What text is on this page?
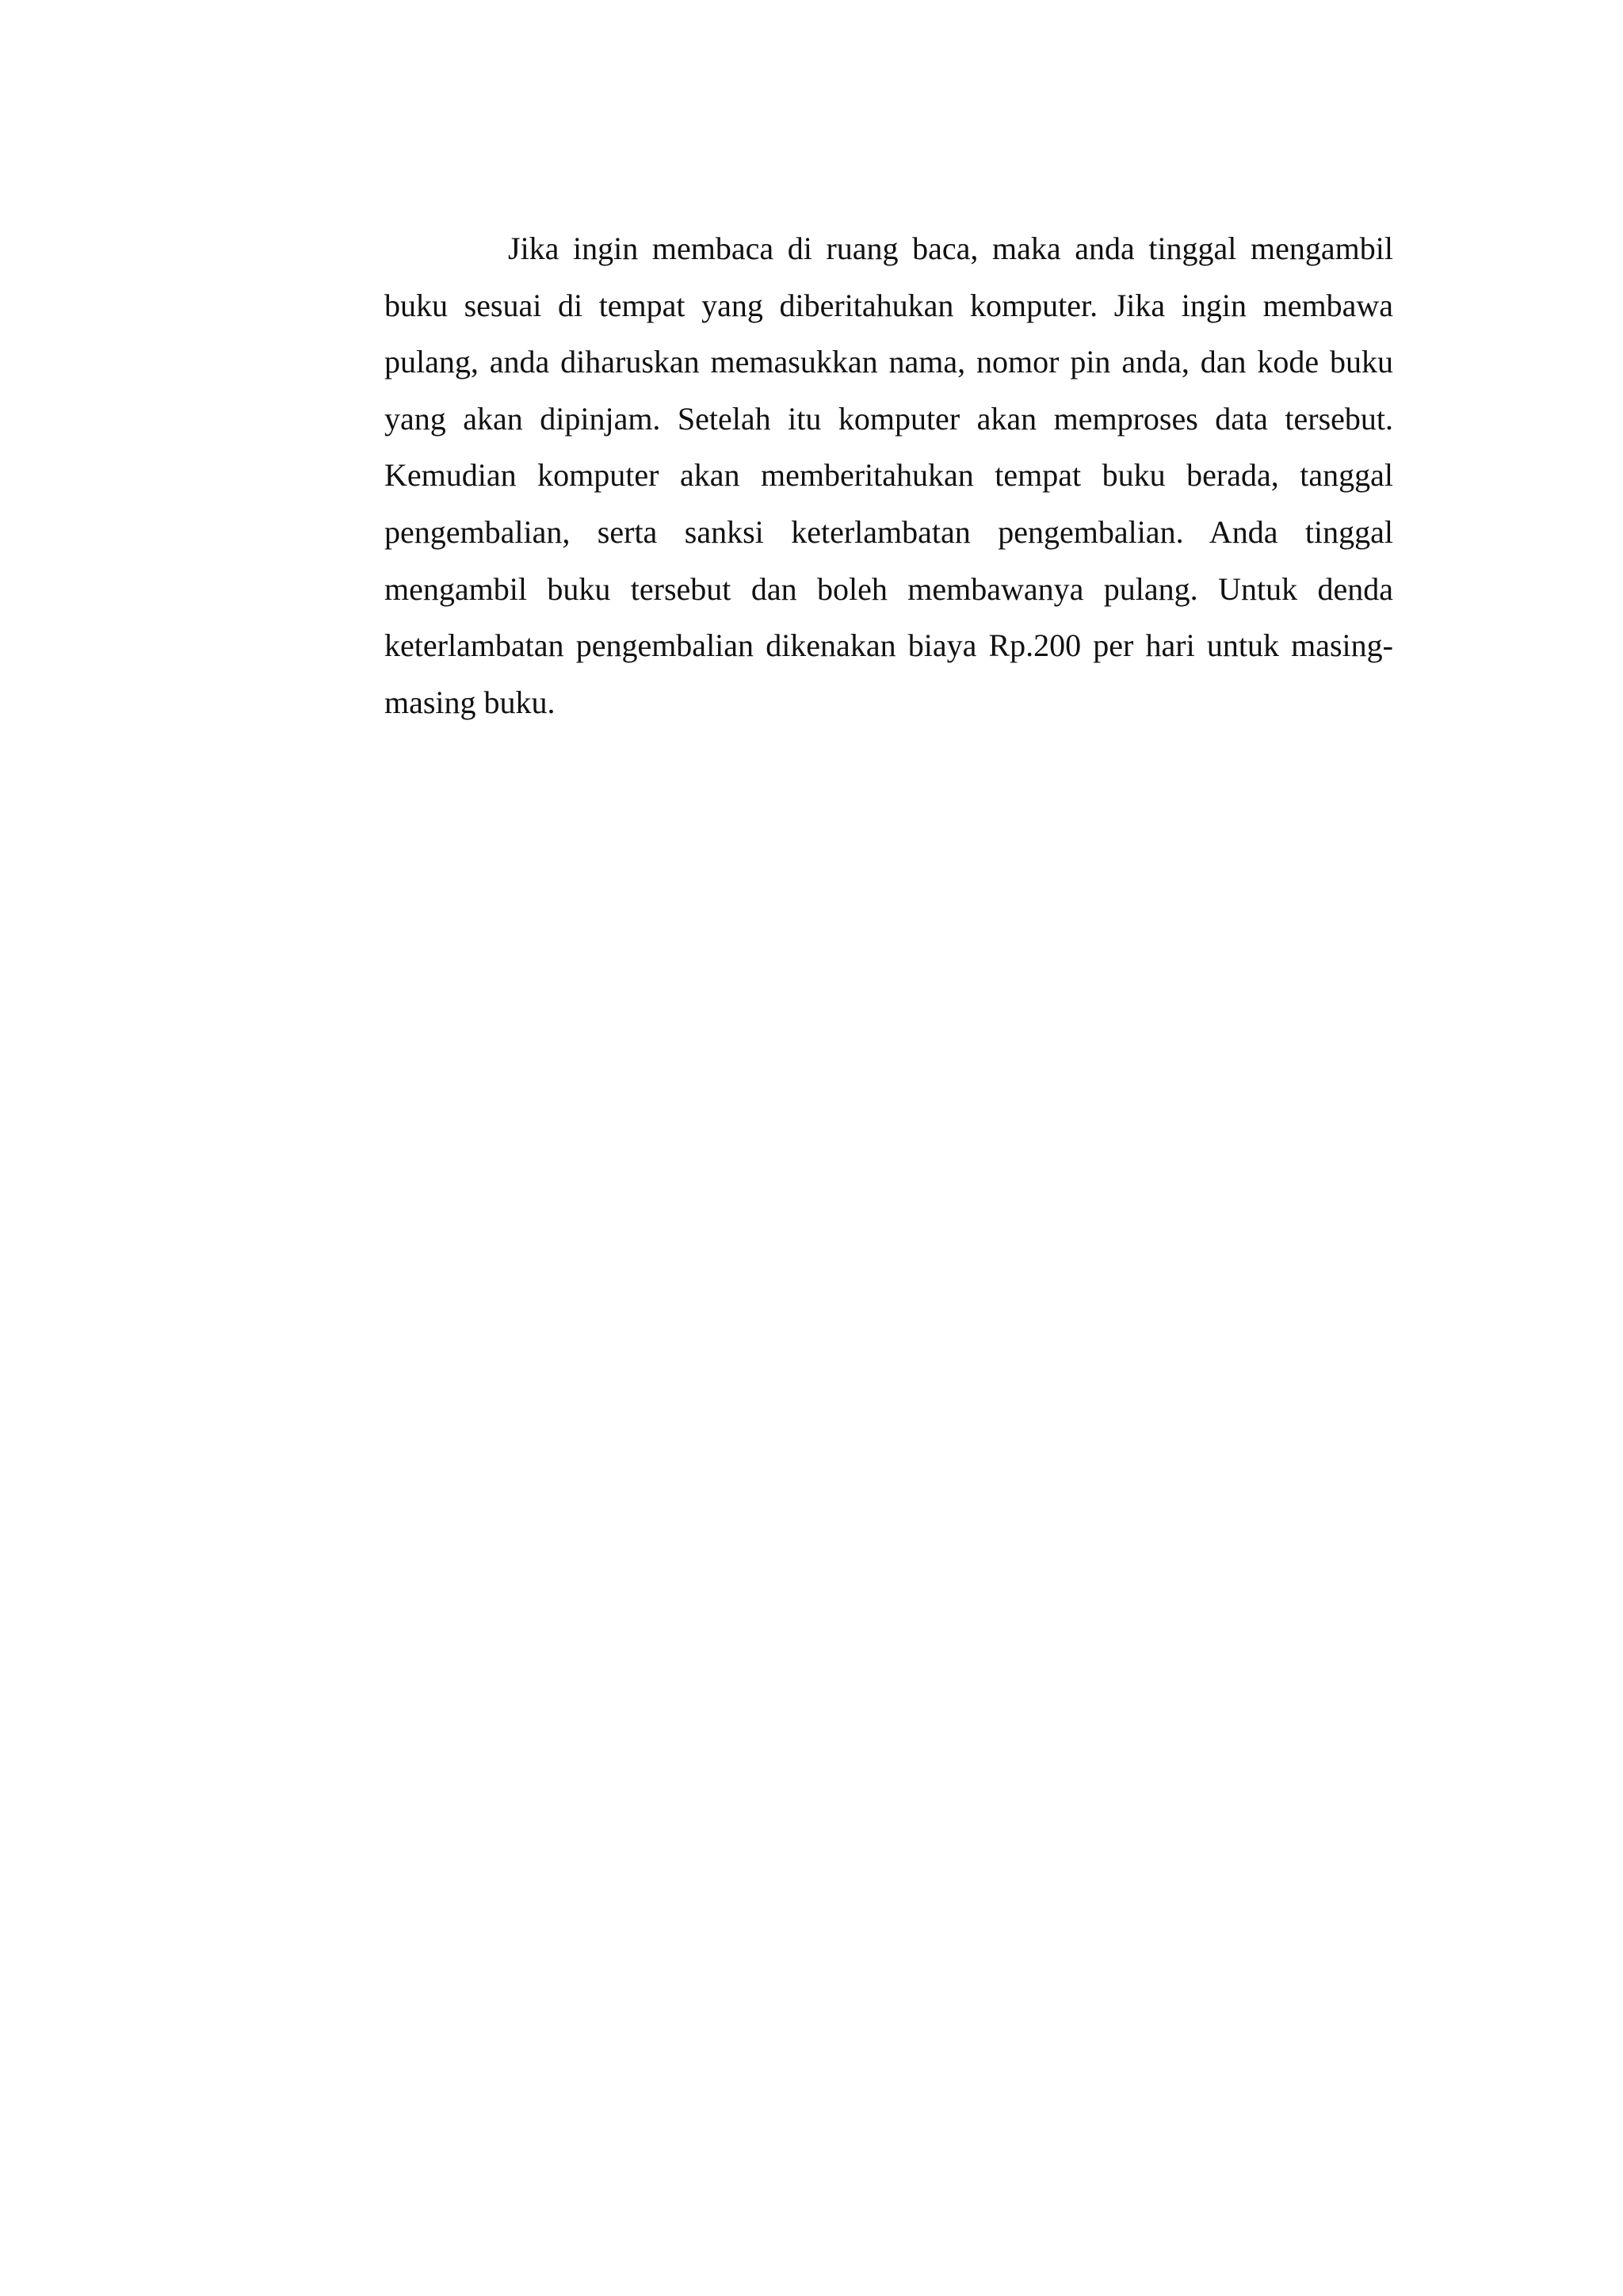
Jika ingin membaca di ruang baca, maka anda tinggal mengambil buku sesuai di tempat yang diberitahukan komputer. Jika ingin membawa pulang, anda diharuskan memasukkan nama, nomor pin anda, dan kode buku yang akan dipinjam. Setelah itu komputer akan memproses data tersebut. Kemudian komputer akan memberitahukan tempat buku berada, tanggal pengembalian, serta sanksi keterlambatan pengembalian. Anda tinggal mengambil buku tersebut dan boleh membawanya pulang. Untuk denda keterlambatan pengembalian dikenakan biaya Rp.200 per hari untuk masing-masing buku.
